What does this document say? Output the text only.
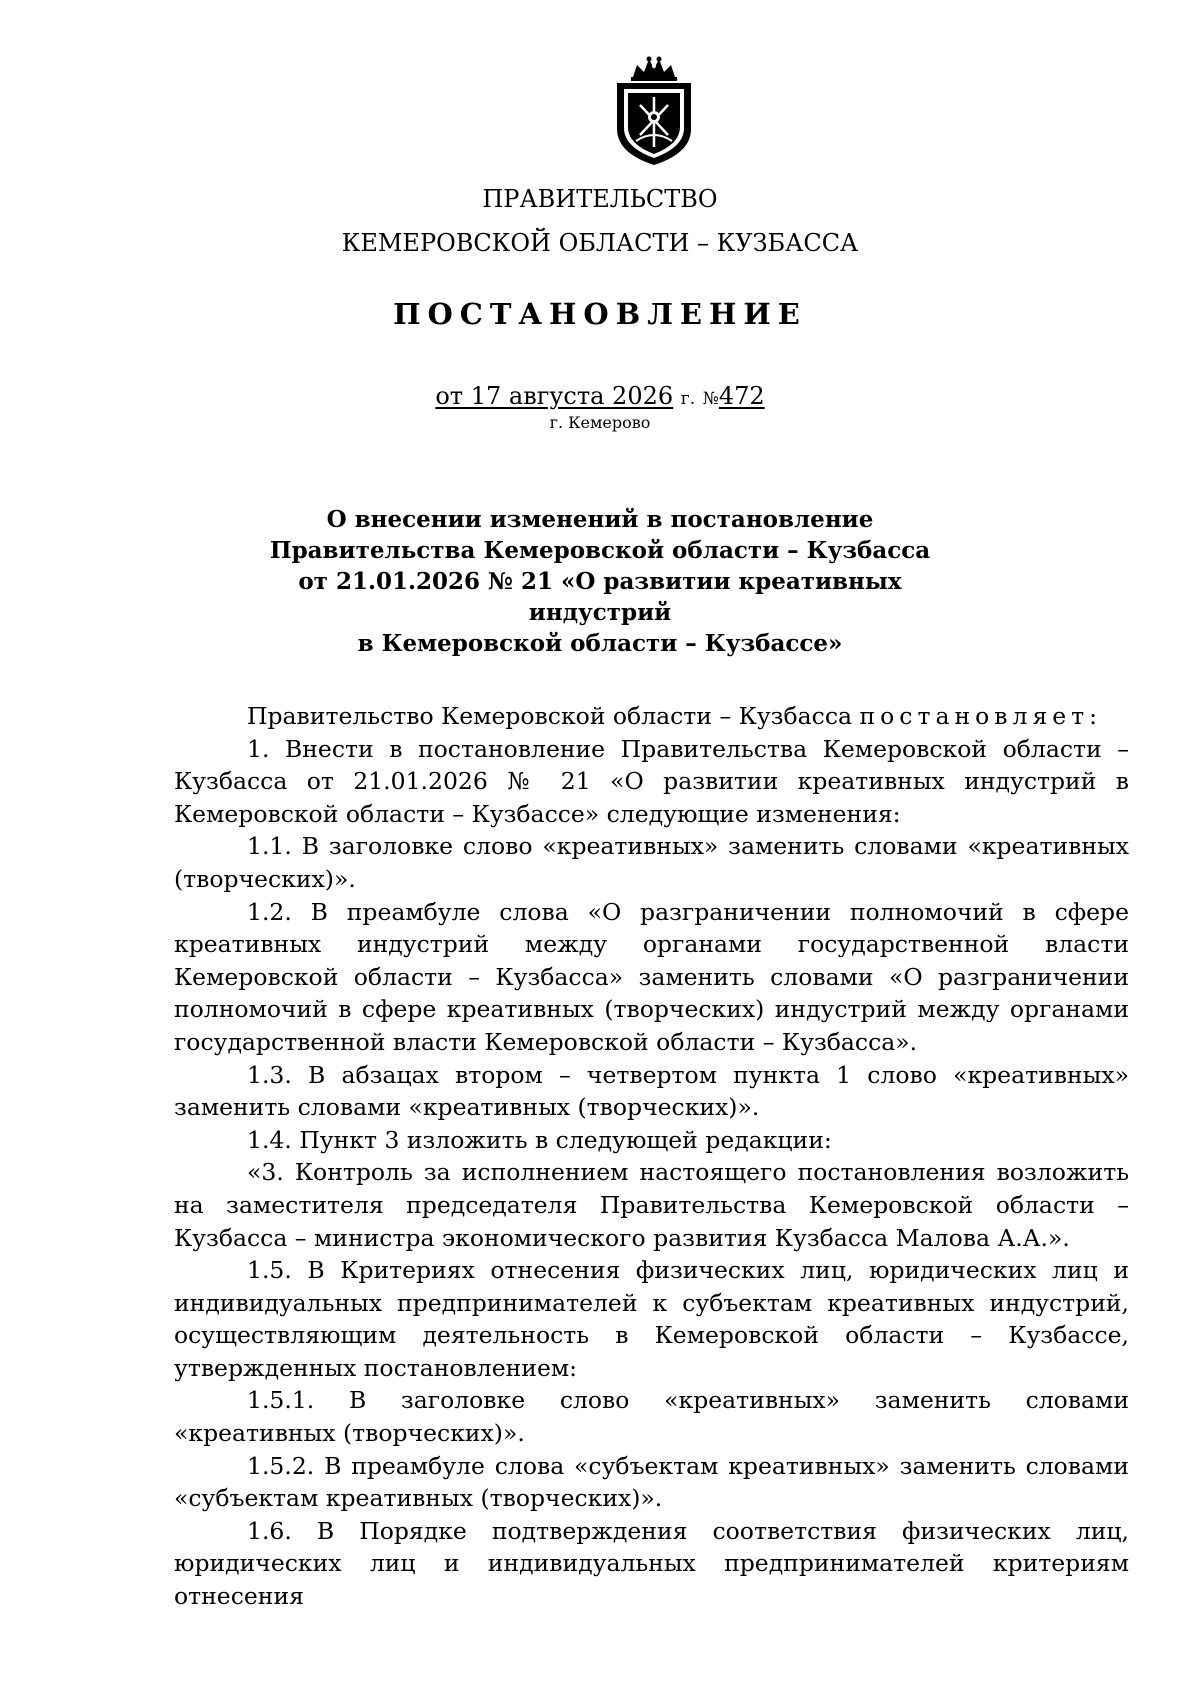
ПРАВИТЕЛЬСТВО
КЕМЕРОВСКОЙ ОБЛАСТИ – КУЗБАССА
ПОСТАНОВЛЕНИЕ
от 17 августа 2026 г. №472
г. Кемерово
О внесении изменений в постановление
Правительства Кемеровской области – Кузбасса
от 21.01.2026 № 21 «О развитии креативных индустрий
в Кемеровской области – Кузбассе»

Правительство Кемеровской области – Кузбасса постановляет:

1. Внести в постановление Правительства Кемеровской области – Кузбасса от 21.01.2026 № 21 «О развитии креативных индустрий в Кемеровской области – Кузбассе» следующие изменения:

1.1. В заголовке слово «креативных» заменить словами «креативных (творческих)».

1.2. В преамбуле слова «О разграничении полномочий в сфере креативных индустрий между органами государственной власти Кемеровской области – Кузбасса» заменить словами «О разграничении полномочий в сфере креативных (творческих) индустрий между органами государственной власти Кемеровской области – Кузбасса».

1.3. В абзацах втором – четвертом пункта 1 слово «креативных» заменить словами «креативных (творческих)».

1.4. Пункт 3 изложить в следующей редакции:

«3. Контроль за исполнением настоящего постановления возложить на заместителя председателя Правительства Кемеровской области – Кузбасса – министра экономического развития Кузбасса Малова А.А.».

1.5. В Критериях отнесения физических лиц, юридических лиц и индивидуальных предпринимателей к субъектам креативных индустрий, осуществляющим деятельность в Кемеровской области – Кузбассе, утвержденных постановлением:

1.5.1. В заголовке слово «креативных» заменить словами «креативных (творческих)».

1.5.2. В преамбуле слова «субъектам креативных» заменить словами «субъектам креативных (творческих)».

1.6. В Порядке подтверждения соответствия физических лиц, юридических лиц и индивидуальных предпринимателей критериям отнесения
